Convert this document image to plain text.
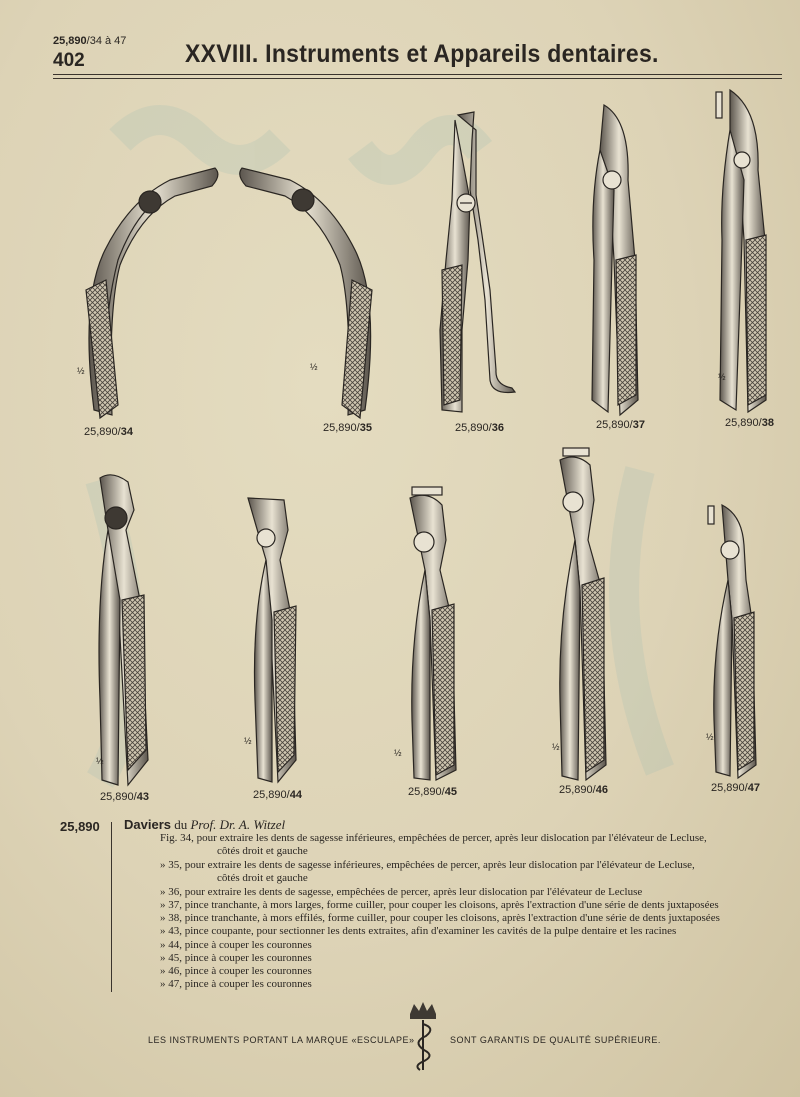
25,890/34 à 47
402	XXVIII. Instruments et Appareils dentaires.
½	½
½
½
½
½
½
½
25,890/34	25,890/35	25,890/36	25,890/37	25,890/38
25,890/43	25,890/44	25,890/45	25,890/46	25,890/47
25,890 Daviers du Prof. Dr. A. Witzel
Fig. 34, pour extraire les dents de sagesse inférieures, empêchées de percer, après leur dislocation par l'élévateur de Lecluse,
côtés droit et gauche
» 35, pour extraire les dents de sagesse inférieures, empêchées de percer, après leur dislocation par l'élévateur de Lecluse,
côtés droit et gauche
» 36, pour extraire les dents de sagesse, empêchées de percer, après leur dislocation par l'élévateur de Lecluse
» 37, pince tranchante, à mors larges, forme cuiller, pour couper les cloisons, après l'extraction d'une série de dents juxtaposées
» 38, pince tranchante, à mors effilés, forme cuiller, pour couper les cloisons, après l'extraction d'une série de dents juxtaposées
» 43, pince coupante, pour sectionner les dents extraites, afin d'examiner les cavités de la pulpe dentaire et les racines
» 44, pince à couper les couronnes
» 45, pince à couper les couronnes
» 46, pince à couper les couronnes
» 47, pince à couper les couronnes
LES INSTRUMENTS PORTANT LA MARQUE «ESCULAPE»	SONT GARANTIS DE QUALITÉ SUPÉRIEURE.
